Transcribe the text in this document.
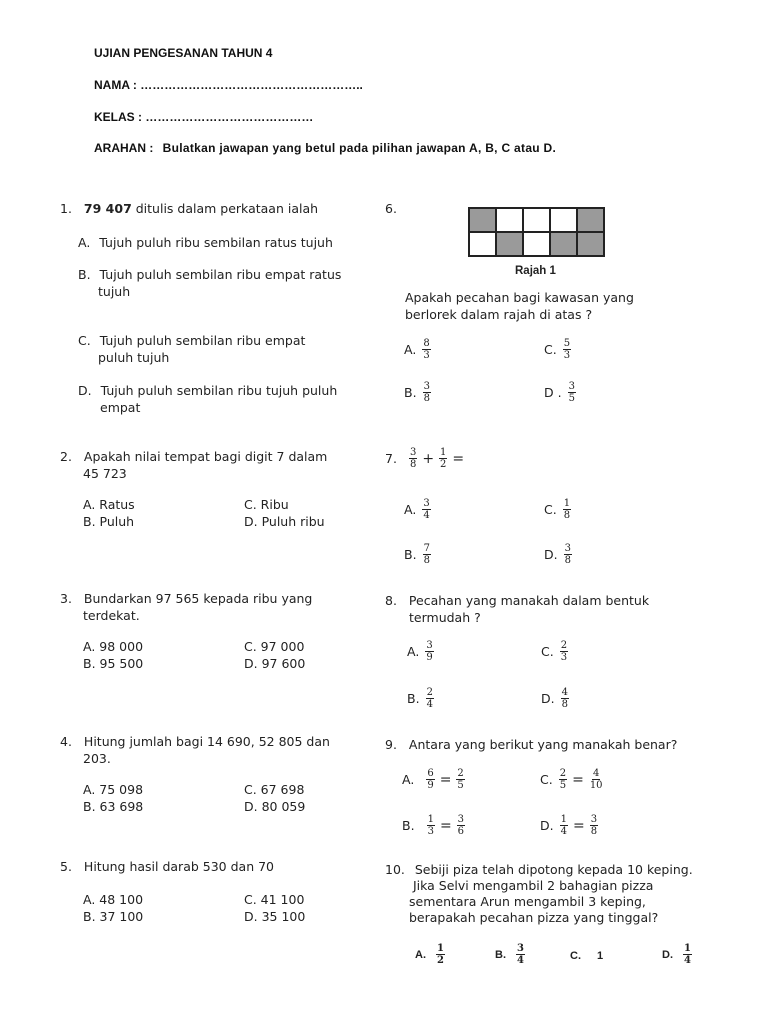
UJIAN PENGESANAN TAHUN 4
NAMA : ………………………………………………..
KELAS : ……………………………………
ARAHAN : Bulatkan jawapan yang betul pada pilihan jawapan A, B, C atau D.
1. 79 407 ditulis dalam perkataan ialah
A. Tujuh puluh ribu sembilan ratus tujuh
B. Tujuh puluh sembilan ribu empat ratus
tujuh
C. Tujuh puluh sembilan ribu empat
puluh tujuh
D. Tujuh puluh sembilan ribu tujuh puluh
empat
2. Apakah nilai tempat bagi digit 7 dalam
45 723
A. Ratus
B. Puluh
C. Ribu
D. Puluh ribu
3. Bundarkan 97 565 kepada ribu yang
terdekat.
A. 98 000
B. 95 500
C. 97 000
D. 97 600
4. Hitung jumlah bagi 14 690, 52 805 dan
203.
A. 75 098
B. 63 698
C. 67 698
D. 80 059
5. Hitung hasil darab 530 dan 70
A. 48 100
B. 37 100
C. 41 100
D. 35 100
6.
Rajah 1
Apakah pecahan bagi kawasan yang
berlorek dalam rajah di atas ?
A. $\frac{8}{3}$	C. $\frac{5}{3}$
B. $\frac{3}{8}$	D . $\frac{3}{5}$
7. $\frac{3}{8} + \frac{1}{2}$ =
A. $\frac{3}{4}$	C. $\frac{1}{8}$
B. $\frac{7}{8}$	D. $\frac{3}{8}$
8. Pecahan yang manakah dalam bentuk
termudah ?
A. $\frac{3}{9}$	C. $\frac{2}{3}$
B. $\frac{2}{4}$	D. $\frac{4}{8}$
9. Antara yang berikut yang manakah benar?
A. $\frac{6}{9} = \frac{2}{5}$	C. $\frac{2}{5} = \frac{4}{10}$
B. $\frac{1}{3} = \frac{3}{6}$	D. $\frac{1}{4} = \frac{3}{8}$
10. Sebiji piza telah dipotong kepada 10 keping.
Jika Selvi mengambil 2 bahagian pizza
sementara Arun mengambil 3 keping,
berapakah pecahan pizza yang tinggal?
A. $\frac{1}{2}$	B. $\frac{3}{4}$	C. 1	D. $\frac{1}{4}$
